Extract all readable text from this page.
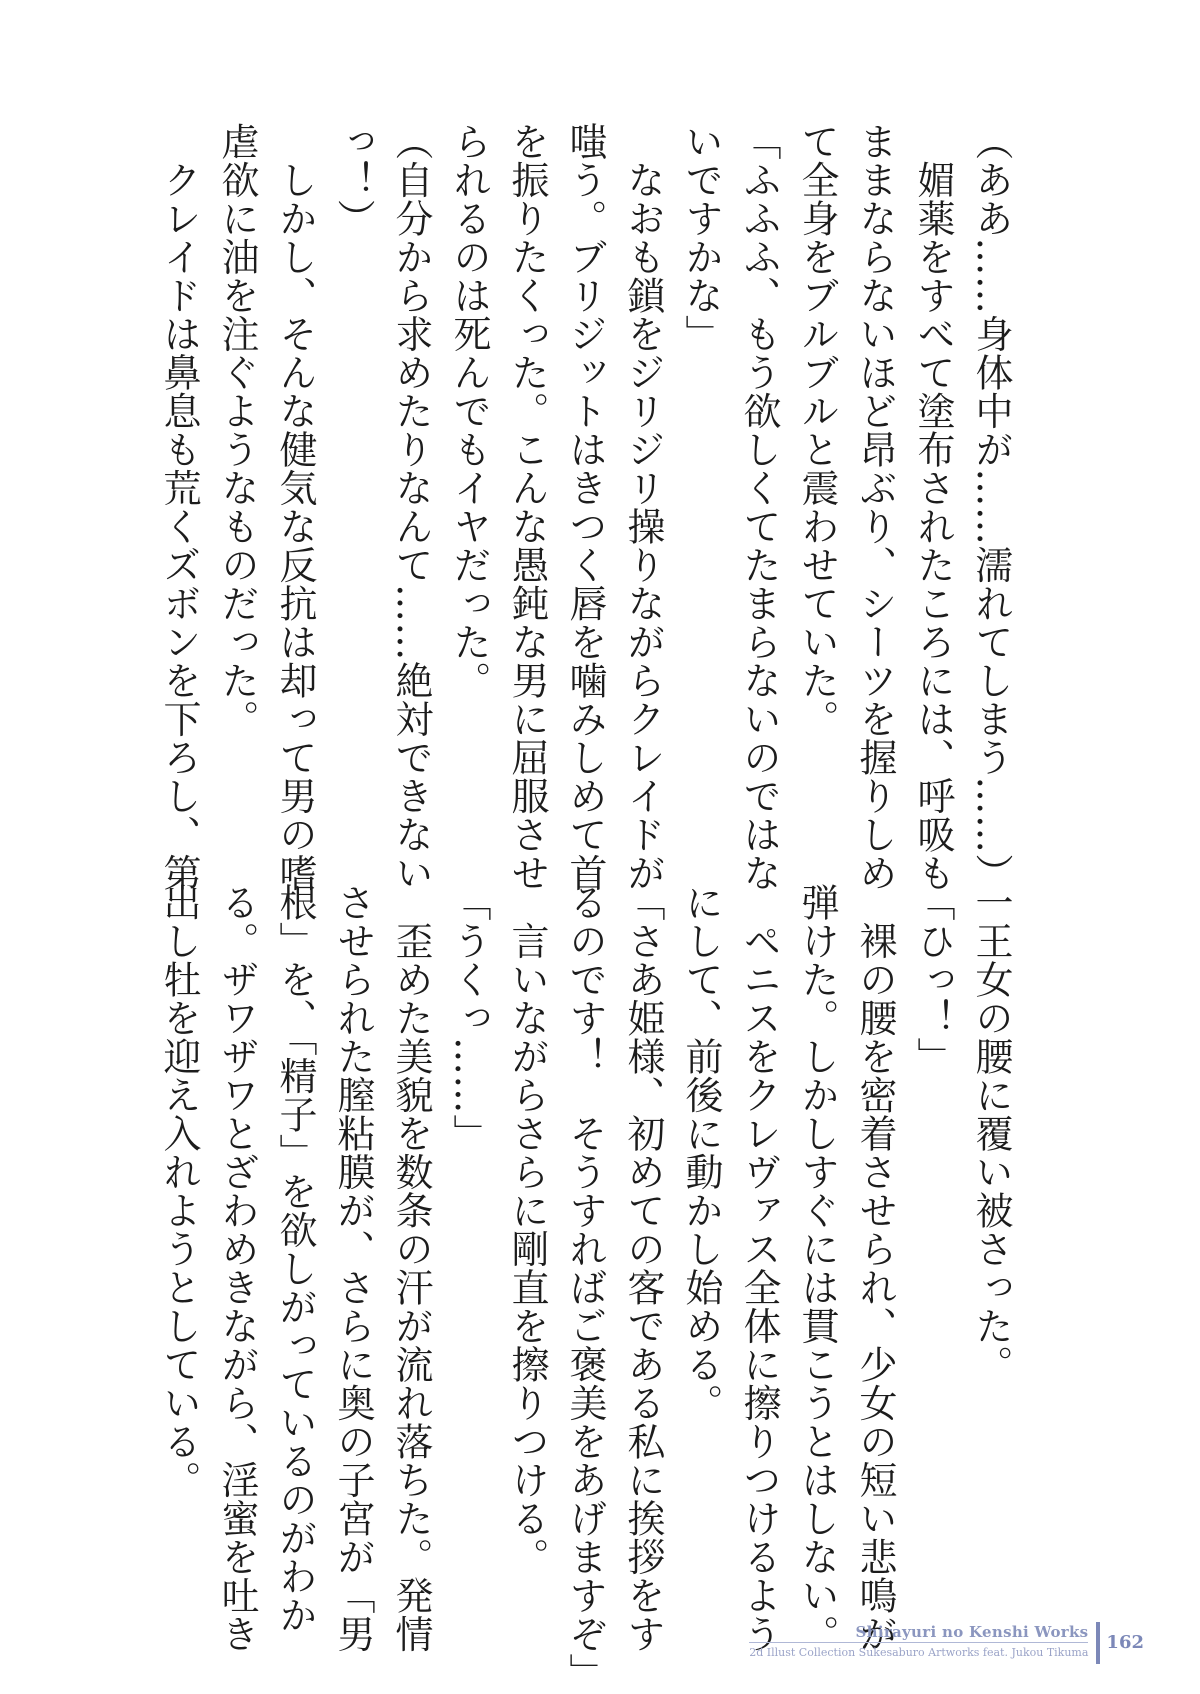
（ああ……身体中が……濡れてしまう……）
　媚薬をすべて塗布されたころには、呼吸も
ままならないほど昂ぶり、シーツを握りしめ
て全身をブルブルと震わせていた。
「ふふふ、もう欲しくてたまらないのではな
いですかな」
　なおも鎖をジリジリ操りながらクレイドが
嗤う。ブリジットはきつく唇を噛みしめて首
を振りたくった。こんな愚鈍な男に屈服させ
られるのは死んでもイヤだった。
（自分から求めたりなんて……絶対できない
っ！）
　しかし、そんな健気な反抗は却って男の嗜
虐欲に油を注ぐようなものだった。
　クレイドは鼻息も荒くズボンを下ろし、第
一王女の腰に覆い被さった。
「ひっ！」
　裸の腰を密着させられ、少女の短い悲鳴が
弾けた。しかしすぐには貫こうとはしない。
　ペニスをクレヴァス全体に擦りつけるよう
にして、前後に動かし始める。
「さあ姫様、初めての客である私に挨拶をす
るのです！　そうすればご褒美をあげますぞ」
　言いながらさらに剛直を擦りつける。
「うくっ……」
　歪めた美貌を数条の汗が流れ落ちた。発情
させられた膣粘膜が、さらに奥の子宮が「男
根」を、「精子」を欲しがっているのがわか
る。ザワザワとざわめきながら、淫蜜を吐き
出し牡を迎え入れようとしている。
Shirayuri no Kenshi Works
2d Illust Collection Sukesaburo Artworks feat. Jukou Tikuma	162
